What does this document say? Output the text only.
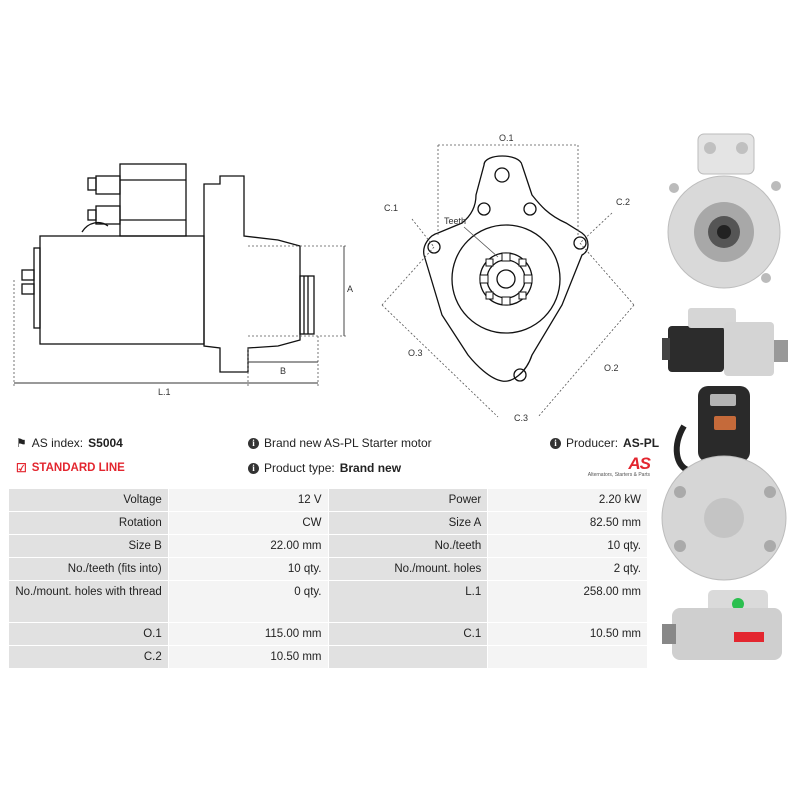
A
B
L.1
O.1
C.1
C.2
C.3
O.2
O.3
Teeth
⚑ AS index: S5004
☑ STANDARD LINE
i Brand new AS-PL Starter motor
i Product type: Brand new
i Producer: AS-PL
AS
Alternators, Starters & Parts
Voltage	12 V	Power	2.20 kW
Rotation	CW	Size A	82.50 mm
Size B	22.00 mm	No./teeth	10 qty.
No./teeth (fits into)	10 qty.	No./mount. holes	2 qty.
No./mount. holes with thread	0 qty.	L.1	258.00 mm
O.1	115.00 mm	C.1	10.50 mm
C.2	10.50 mm		
